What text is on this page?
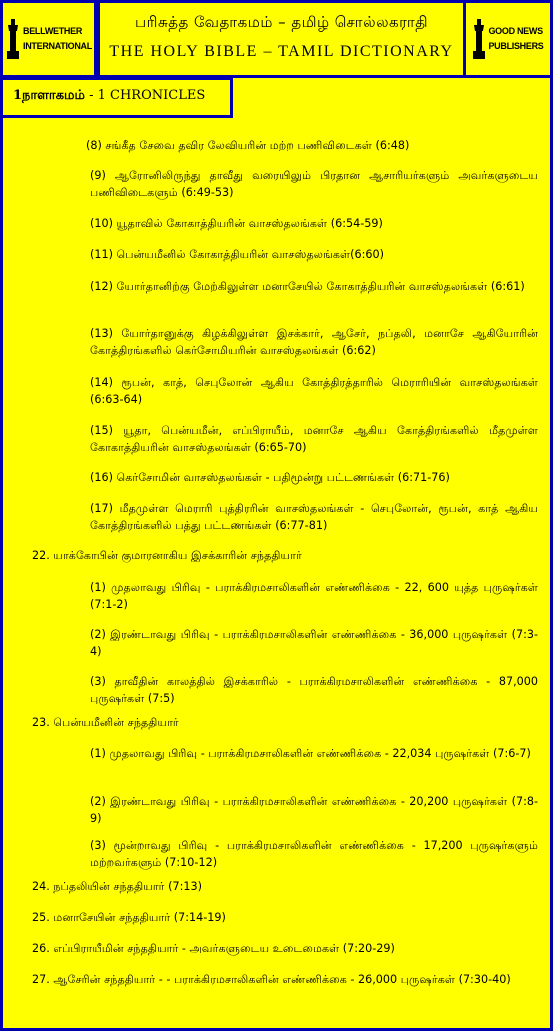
BELLWETHER
INTERNATIONAL
பரிசுத்த வேதாகமம் – தமிழ் சொல்லகராதி
THE HOLY BIBLE – TAMIL DICTIONARY
GOOD NEWS
PUBLISHERS
1நாளாகமம் - 1 CHRONICLES
(8) சங்கீத சேவை தவிர லேவியரின் மற்ற பணிவிடைகள் (6:48)
(9) ஆரோனிலிருந்து தாவீது வரையிலும் பிரதான ஆசாரியர்களும் அவர்களுடைய பணிவிடைகளும் (6:49-53)
(10) யூதாவில் கோகாத்தியரின் வாசஸ்தலங்கள் (6:54-59)
(11) பென்யமீனில் கோகாத்தியரின் வாசஸ்தலங்கள்(6:60)
(12) யோர்தானிற்கு மேற்கிலுள்ள மனாசேயில் கோகாத்தியரின் வாசஸ்தலங்கள் (6:61)
(13) யோர்தானுக்கு கிழக்கிலுள்ள இசக்கார், ஆசேர், நப்தலி, மனாசே ஆகியோரின் கோத்திரங்களில் கெர்சோமியரின் வாசஸ்தலங்கள் (6:62)
(14) ரூபன், காத், செபுலோன் ஆகிய கோத்திரத்தாரில் மெராரியின் வாசஸ்தலங்கள் (6:63-64)
(15) யூதா, பென்யமீன், எப்பிராயீம், மனாசே ஆகிய கோத்திரங்களில் மீதமுள்ள கோகாத்தியரின் வாசஸ்தலங்கள் (6:65-70)
(16) கெர்சோமின் வாசஸ்தலங்கள் - பதிமூன்று பட்டணங்கள் (6:71-76)
(17) மீதமுள்ள மெராரி புத்திரரின் வாசஸ்தலங்கள் - செபுலோன், ரூபன், காத் ஆகிய கோத்திரங்களில் பத்து பட்டணங்கள் (6:77-81)
22. யாக்கோபின் குமாரனாகிய இசக்காரின் சந்ததியார்
(1) முதலாவது பிரிவு - பராக்கிரமசாலிகளின் எண்ணிக்கை - 22, 600 யுத்த புருஷர்கள் (7:1-2)
(2) இரண்டாவது பிரிவு - பராக்கிரமசாலிகளின் எண்ணிக்கை - 36,000 புருஷர்கள் (7:3-4)
(3) தாவீதின் காலத்தில் இசக்காரில் - பராக்கிரமசாலிகளின் எண்ணிக்கை - 87,000 புருஷர்கள் (7:5)
23. பென்யமீனின் சந்ததியார்
(1) முதலாவது பிரிவு - பராக்கிரமசாலிகளின் எண்ணிக்கை - 22,034 புருஷர்கள் (7:6-7)
(2) இரண்டாவது பிரிவு - பராக்கிரமசாலிகளின் எண்ணிக்கை - 20,200 புருஷர்கள் (7:8-9)
(3) மூன்றாவது பிரிவு - பராக்கிரமசாலிகளின் எண்ணிக்கை - 17,200 புருஷர்களும் மற்றவர்களும் (7:10-12)
24. நப்தலியின் சந்ததியார் (7:13)
25. மனாசேயின் சந்ததியார் (7:14-19)
26. எப்பிராயீமின் சந்ததியார் - அவர்களுடைய உடைமைகள் (7:20-29)
27. ஆசேரின் சந்ததியார் - - பராக்கிரமசாலிகளின் எண்ணிக்கை - 26,000 புருஷர்கள் (7:30-40)
